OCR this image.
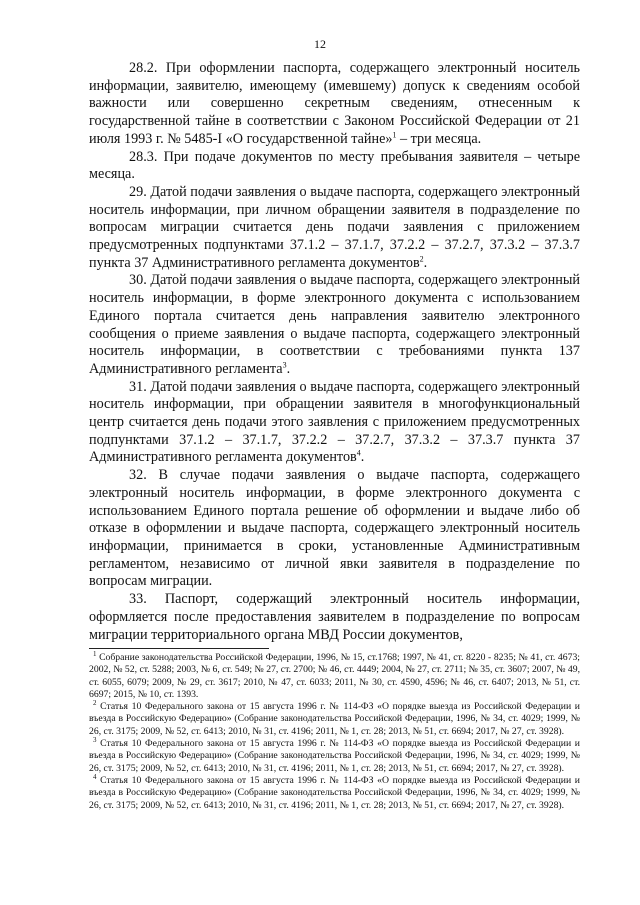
12

28.2. При оформлении паспорта, содержащего электронный носитель информации, заявителю, имеющему (имевшему) допуск к сведениям особой важности или совершенно секретным сведениям, отнесенным к государственной тайне в соответствии с Законом Российской Федерации от 21 июля 1993 г. № 5485-I «О государственной тайне»$^1$ – три месяца.

28.3. При подаче документов по месту пребывания заявителя – четыре месяца.

29. Датой подачи заявления о выдаче паспорта, содержащего электронный носитель информации, при личном обращении заявителя в подразделение по вопросам миграции считается день подачи заявления с приложением предусмотренных подпунктами 37.1.2 – 37.1.7, 37.2.2 – 37.2.7, 37.3.2 – 37.3.7 пункта 37 Административного регламента документов$^2$.

30. Датой подачи заявления о выдаче паспорта, содержащего электронный носитель информации, в форме электронного документа с использованием Единого портала считается день направления заявителю электронного сообщения о приеме заявления о выдаче паспорта, содержащего электронный носитель информации, в соответствии с требованиями пункта 137 Административного регламента$^3$.

31. Датой подачи заявления о выдаче паспорта, содержащего электронный носитель информации, при обращении заявителя в многофункциональный центр считается день подачи этого заявления с приложением предусмотренных подпунктами 37.1.2 – 37.1.7, 37.2.2 – 37.2.7, 37.3.2 – 37.3.7 пункта 37 Административного регламента документов$^4$.

32. В случае подачи заявления о выдаче паспорта, содержащего электронный носитель информации, в форме электронного документа с использованием Единого портала решение об оформлении и выдаче либо об отказе в оформлении и выдаче паспорта, содержащего электронный носитель информации, принимается в сроки, установленные Административным регламентом, независимо от личной явки заявителя в подразделение по вопросам миграции.

33. Паспорт, содержащий электронный носитель информации, оформляется после предоставления заявителем в подразделение по вопросам миграции территориального органа МВД России документов,

$^1$ Собрание законодательства Российской Федерации, 1996, № 15, ст.1768; 1997, № 41, ст. 8220 - 8235; № 41, ст. 4673; 2002, № 52, ст. 5288; 2003, № 6, ст. 549; № 27, ст. 2700; № 46, ст. 4449; 2004, № 27, ст. 2711; № 35, ст. 3607; 2007, № 49, ст. 6055, 6079; 2009, № 29, ст. 3617; 2010, № 47, ст. 6033; 2011, № 30, ст. 4590, 4596; № 46, ст. 6407; 2013, № 51, ст. 6697; 2015, № 10, ст. 1393.

$^2$ Статья 10 Федерального закона от 15 августа 1996 г. № 114-ФЗ «О порядке выезда из Российской Федерации и въезда в Российскую Федерацию» (Собрание законодательства Российской Федерации, 1996, № 34, ст. 4029; 1999, № 26, ст. 3175; 2009, № 52, ст. 6413; 2010, № 31, ст. 4196; 2011, № 1, ст. 28; 2013, № 51, ст. 6694; 2017, № 27, ст. 3928).

$^3$ Статья 10 Федерального закона от 15 августа 1996 г. № 114-ФЗ «О порядке выезда из Российской Федерации и въезда в Российскую Федерацию» (Собрание законодательства Российской Федерации, 1996, № 34, ст. 4029; 1999, № 26, ст. 3175; 2009, № 52, ст. 6413; 2010, № 31, ст. 4196; 2011, № 1, ст. 28; 2013, № 51, ст. 6694; 2017, № 27, ст. 3928).

$^4$ Статья 10 Федерального закона от 15 августа 1996 г. № 114-ФЗ «О порядке выезда из Российской Федерации и въезда в Российскую Федерацию» (Собрание законодательства Российской Федерации, 1996, № 34, ст. 4029; 1999, № 26, ст. 3175; 2009, № 52, ст. 6413; 2010, № 31, ст. 4196; 2011, № 1, ст. 28; 2013, № 51, ст. 6694; 2017, № 27, ст. 3928).
